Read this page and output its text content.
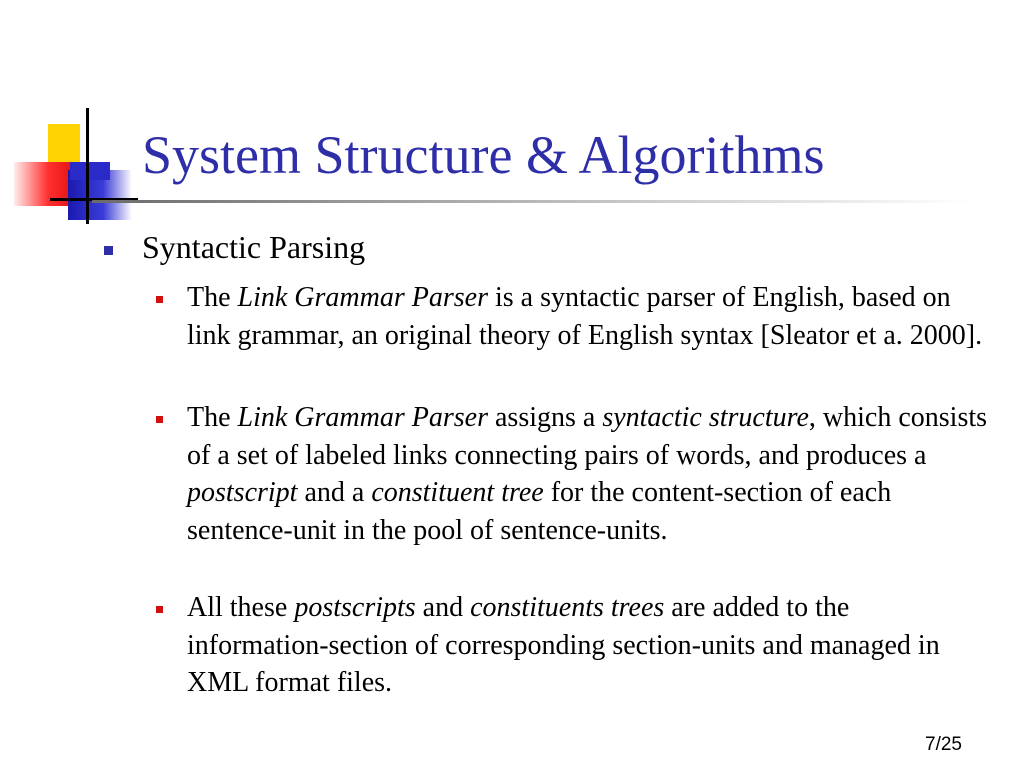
System Structure & Algorithms
Syntactic Parsing
The Link Grammar Parser is a syntactic parser of English, based on link grammar, an original theory of English syntax [Sleator et a. 2000].
The Link Grammar Parser assigns a syntactic structure, which consists of a set of labeled links connecting pairs of words, and produces a postscript and a constituent tree for the content-section of each sentence-unit in the pool of sentence-units.
All these postscripts and constituents trees are added to the information-section of corresponding section-units and managed in XML format files.
7/25
